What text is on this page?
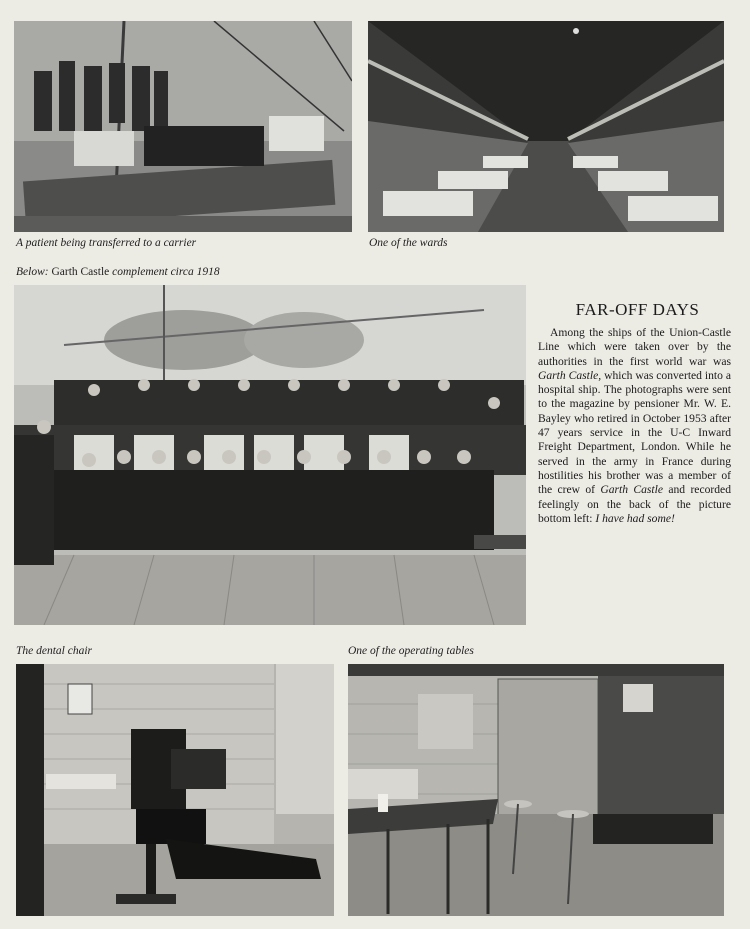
A patient being transferred to a carrier	One of the wards
Below: Garth Castle complement circa 1918
FAR-OFF DAYS

Among the ships of the Union-Castle Line which were taken over by the authorities in the first world war was Garth Castle, which was converted into a hospital ship. The photographs were sent to the magazine by pensioner Mr. W. E. Bayley who retired in October 1953 after 47 years service in the U-C Inward Freight Department, London. While he served in the army in France during hostilities his brother was a member of the crew of Garth Castle and recorded feelingly on the back of the picture bottom left: I have had some!

The dental chair	One of the operating tables
